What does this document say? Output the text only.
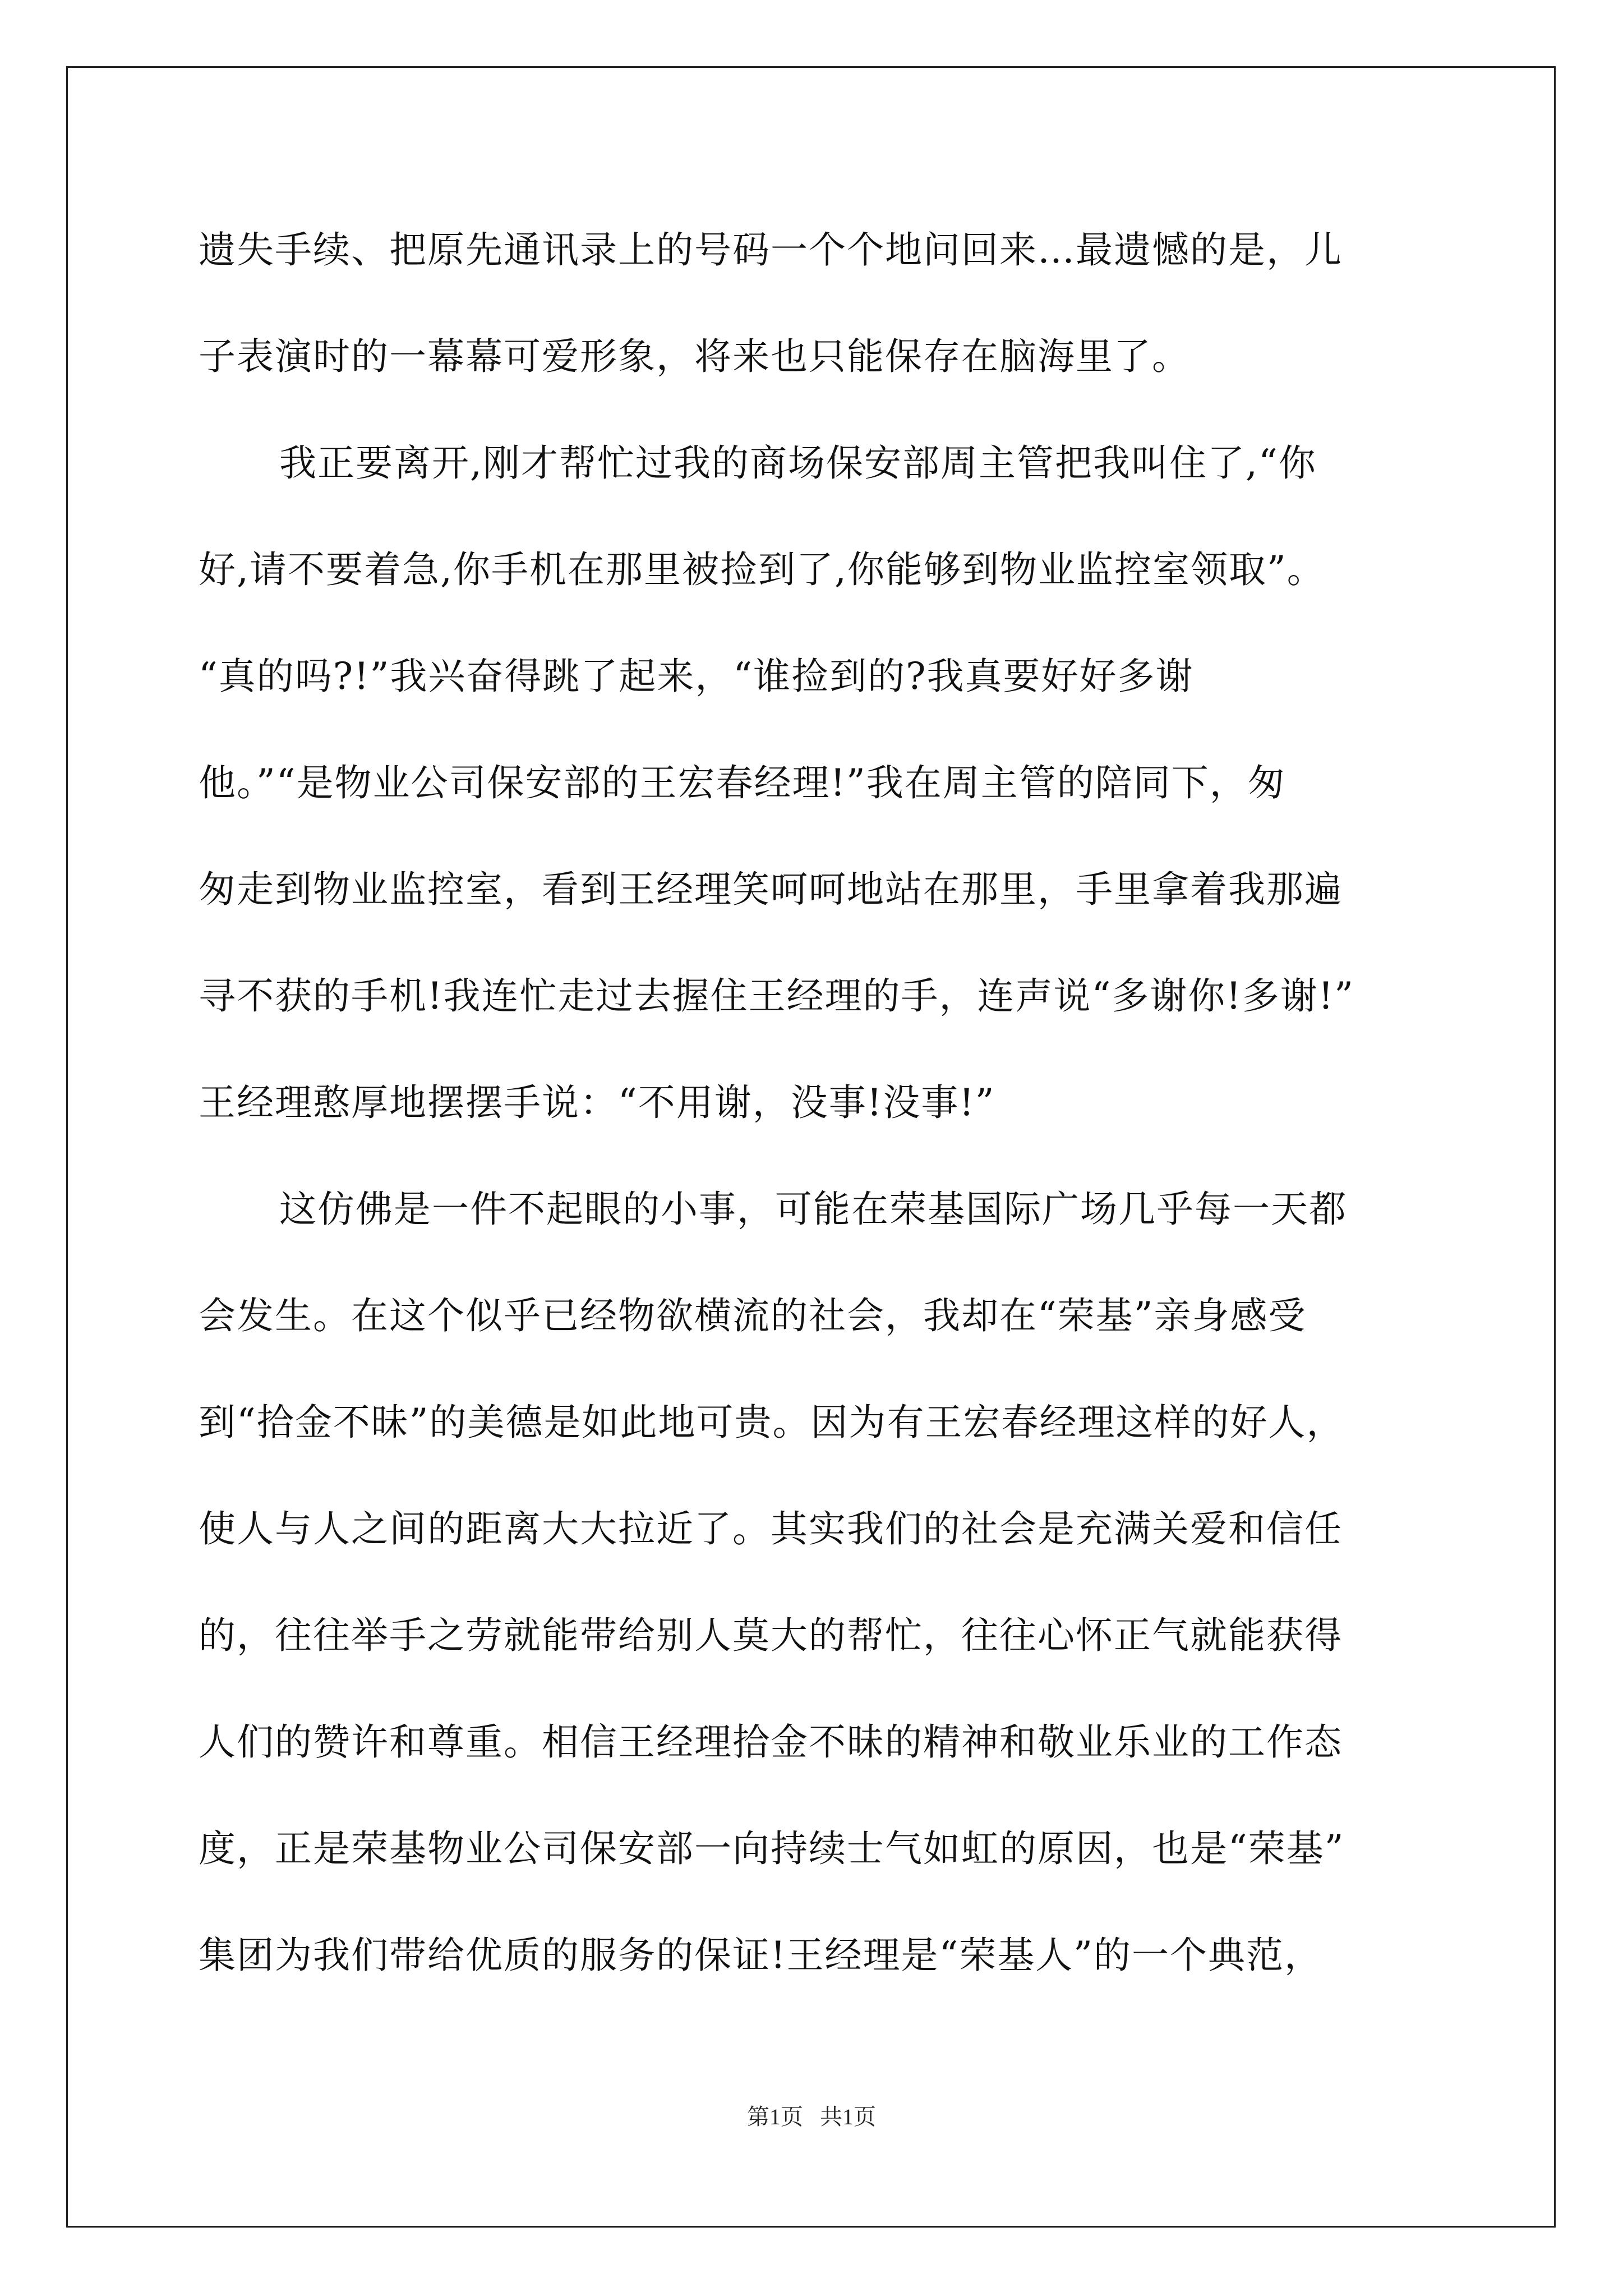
遗失手续、把原先通讯录上的号码一个个地问回来…最遗憾的是，儿
子表演时的一幕幕可爱形象，将来也只能保存在脑海里了。
我正要离开,刚才帮忙过我的商场保安部周主管把我叫住了,“你
好,请不要着急,你手机在那里被捡到了,你能够到物业监控室领取”。
“真的吗?!”我兴奋得跳了起来，“谁捡到的?我真要好好多谢
他。”“是物业公司保安部的王宏春经理!”我在周主管的陪同下，匆
匆走到物业监控室，看到王经理笑呵呵地站在那里，手里拿着我那遍
寻不获的手机!我连忙走过去握住王经理的手，连声说“多谢你!多谢!”
王经理憨厚地摆摆手说：“不用谢，没事!没事!”
这仿佛是一件不起眼的小事，可能在荣基国际广场几乎每一天都
会发生。在这个似乎已经物欲横流的社会，我却在“荣基”亲身感受
到“拾金不昧”的美德是如此地可贵。因为有王宏春经理这样的好人，
使人与人之间的距离大大拉近了。其实我们的社会是充满关爱和信任
的，往往举手之劳就能带给别人莫大的帮忙，往往心怀正气就能获得
人们的赞许和尊重。相信王经理拾金不昧的精神和敬业乐业的工作态
度，正是荣基物业公司保安部一向持续士气如虹的原因，也是“荣基”
集团为我们带给优质的服务的保证!王经理是“荣基人”的一个典范，
第1页   共1页
